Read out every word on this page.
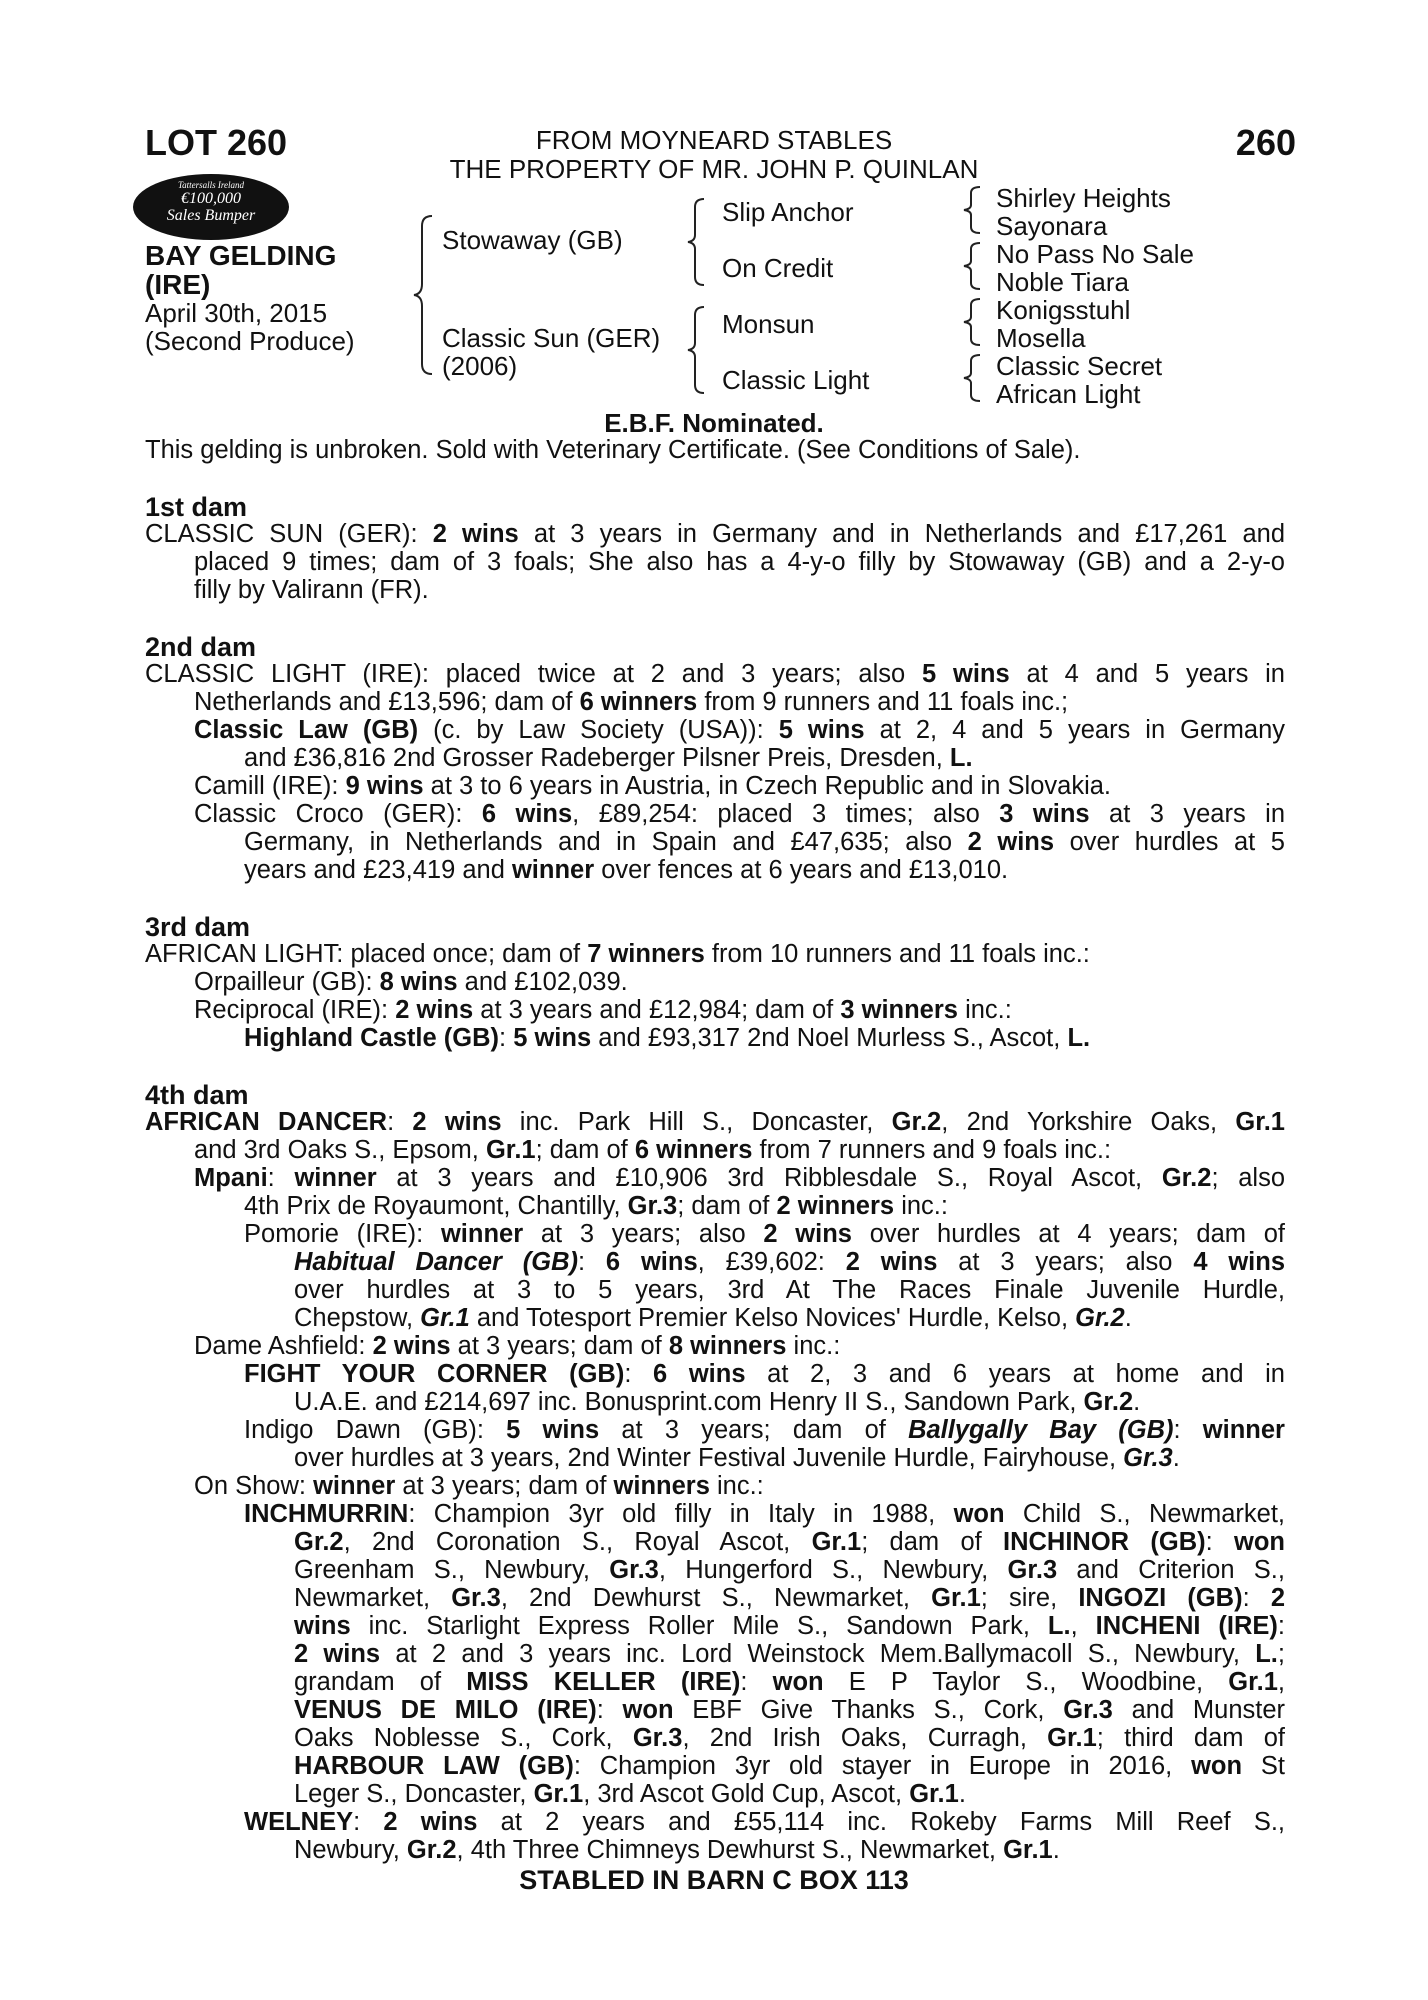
LOT 260	260
FROM MOYNEARD STABLES
THE PROPERTY OF MR. JOHN P. QUINLAN
Tattersalls Ireland
€100,000
Sales Bumper
BAY GELDING
(IRE)
April 30th, 2015
(Second Produce)
Stowaway (GB)
Classic Sun (GER)
(2006)
Slip Anchor
On Credit
Monsun
Classic Light
Shirley Heights
Sayonara
No Pass No Sale
Noble Tiara
Konigsstuhl
Mosella
Classic Secret
African Light
E.B.F. Nominated.
This gelding is unbroken. Sold with Veterinary Certificate. (See Conditions of Sale).
1st dam
CLASSIC SUN (GER): 2 wins at 3 years in Germany and in Netherlands and £17,261 and
placed 9 times; dam of 3 foals; She also has a 4-y-o filly by Stowaway (GB) and a 2-y-o
filly by Valirann (FR).
2nd dam
CLASSIC LIGHT (IRE): placed twice at 2 and 3 years; also 5 wins at 4 and 5 years in
Netherlands and £13,596; dam of 6 winners from 9 runners and 11 foals inc.;
Classic Law (GB) (c. by Law Society (USA)): 5 wins at 2, 4 and 5 years in Germany
and £36,816 2nd Grosser Radeberger Pilsner Preis, Dresden, L.
Camill (IRE): 9 wins at 3 to 6 years in Austria, in Czech Republic and in Slovakia.
Classic Croco (GER): 6 wins, £89,254: placed 3 times; also 3 wins at 3 years in
Germany, in Netherlands and in Spain and £47,635; also 2 wins over hurdles at 5
years and £23,419 and winner over fences at 6 years and £13,010.
3rd dam
AFRICAN LIGHT: placed once; dam of 7 winners from 10 runners and 11 foals inc.:
Orpailleur (GB): 8 wins and £102,039.
Reciprocal (IRE): 2 wins at 3 years and £12,984; dam of 3 winners inc.:
Highland Castle (GB): 5 wins and £93,317 2nd Noel Murless S., Ascot, L.
4th dam
AFRICAN DANCER: 2 wins inc. Park Hill S., Doncaster, Gr.2, 2nd Yorkshire Oaks, Gr.1
and 3rd Oaks S., Epsom, Gr.1; dam of 6 winners from 7 runners and 9 foals inc.:
Mpani: winner at 3 years and £10,906 3rd Ribblesdale S., Royal Ascot, Gr.2; also
4th Prix de Royaumont, Chantilly, Gr.3; dam of 2 winners inc.:
Pomorie (IRE): winner at 3 years; also 2 wins over hurdles at 4 years; dam of
Habitual Dancer (GB): 6 wins, £39,602: 2 wins at 3 years; also 4 wins
over hurdles at 3 to 5 years, 3rd At The Races Finale Juvenile Hurdle,
Chepstow, Gr.1 and Totesport Premier Kelso Novices' Hurdle, Kelso, Gr.2.
Dame Ashfield: 2 wins at 3 years; dam of 8 winners inc.:
FIGHT YOUR CORNER (GB): 6 wins at 2, 3 and 6 years at home and in
U.A.E. and £214,697 inc. Bonusprint.com Henry II S., Sandown Park, Gr.2.
Indigo Dawn (GB): 5 wins at 3 years; dam of Ballygally Bay (GB): winner
over hurdles at 3 years, 2nd Winter Festival Juvenile Hurdle, Fairyhouse, Gr.3.
On Show: winner at 3 years; dam of winners inc.:
INCHMURRIN: Champion 3yr old filly in Italy in 1988, won Child S., Newmarket,
Gr.2, 2nd Coronation S., Royal Ascot, Gr.1; dam of INCHINOR (GB): won
Greenham S., Newbury, Gr.3, Hungerford S., Newbury, Gr.3 and Criterion S.,
Newmarket, Gr.3, 2nd Dewhurst S., Newmarket, Gr.1; sire, INGOZI (GB): 2
wins inc. Starlight Express Roller Mile S., Sandown Park, L., INCHENI (IRE):
2 wins at 2 and 3 years inc. Lord Weinstock Mem.Ballymacoll S., Newbury, L.;
grandam of MISS KELLER (IRE): won E P Taylor S., Woodbine, Gr.1,
VENUS DE MILO (IRE): won EBF Give Thanks S., Cork, Gr.3 and Munster
Oaks Noblesse S., Cork, Gr.3, 2nd Irish Oaks, Curragh, Gr.1; third dam of
HARBOUR LAW (GB): Champion 3yr old stayer in Europe in 2016, won St
Leger S., Doncaster, Gr.1, 3rd Ascot Gold Cup, Ascot, Gr.1.
WELNEY: 2 wins at 2 years and £55,114 inc. Rokeby Farms Mill Reef S.,
Newbury, Gr.2, 4th Three Chimneys Dewhurst S., Newmarket, Gr.1.
STABLED IN BARN C BOX 113
